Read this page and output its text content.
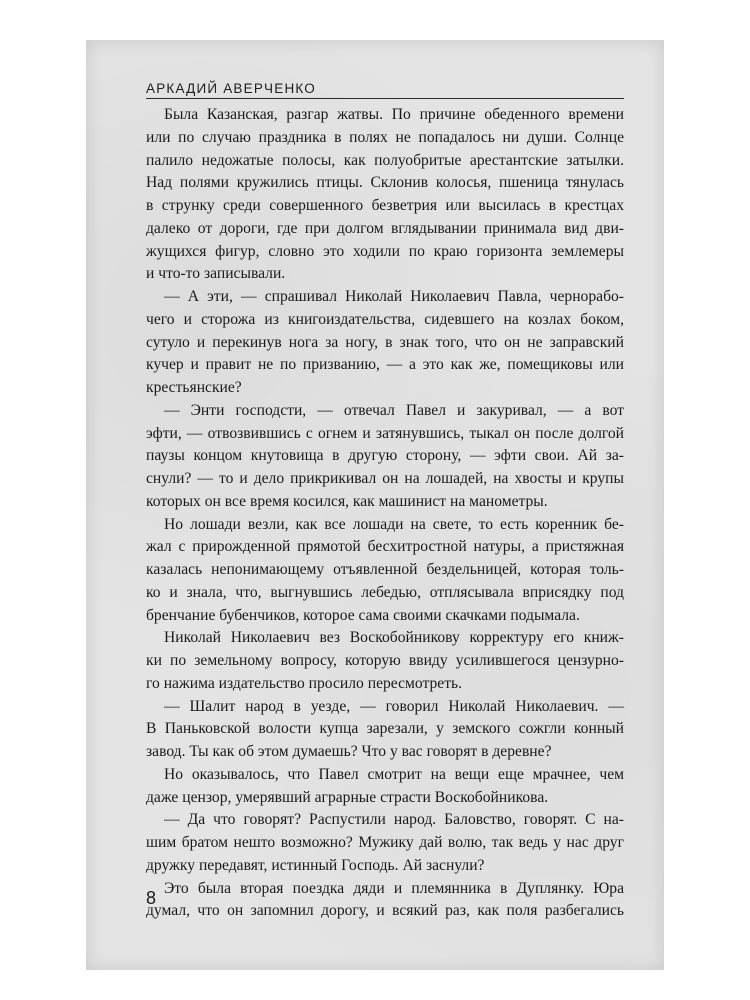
АРКАДИЙ АВЕРЧЕНКО
Была Казанская, разгар жатвы. По причине обеденного времени
или по случаю праздника в полях не попадалось ни души. Солнце
палило недожатые полосы, как полуобритые арестантские затылки.
Над полями кружились птицы. Склонив колосья, пшеница тянулась
в струнку среди совершенного безветрия или высилась в крестцах
далеко от дороги, где при долгом вглядывании принимала вид дви-
жущихся фигур, словно это ходили по краю горизонта землемеры
и что-то записывали.
— А эти, — спрашивал Николай Николаевич Павла, чернорабо-
чего и сторожа из книгоиздательства, сидевшего на козлах боком,
сутуло и перекинув нога за ногу, в знак того, что он не заправский
кучер и правит не по призванию, — а это как же, помещиковы или
крестьянские?
— Энти господсти, — отвечал Павел и закуривал, — а вот
эфти, — отвозвившись с огнем и затянувшись, тыкал он после долгой
паузы концом кнутовища в другую сторону, — эфти свои. Ай за-
снули? — то и дело прикрикивал он на лошадей, на хвосты и крупы
которых он все время косился, как машинист на манометры.
Но лошади везли, как все лошади на свете, то есть коренник бе-
жал с прирожденной прямотой бесхитростной натуры, а пристяжная
казалась непонимающему отъявленной бездельницей, которая толь-
ко и знала, что, выгнувшись лебедью, отплясывала вприсядку под
бренчание бубенчиков, которое сама своими скачками подымала.
Николай Николаевич вез Воскобойникову корректуру его книж-
ки по земельному вопросу, которую ввиду усилившегося цензурно-
го нажима издательство просило пересмотреть.
— Шалит народ в уезде, — говорил Николай Николаевич. —
В Паньковской волости купца зарезали, у земского сожгли конный
завод. Ты как об этом думаешь? Что у вас говорят в деревне?
Но оказывалось, что Павел смотрит на вещи еще мрачнее, чем
даже цензор, умерявший аграрные страсти Воскобойникова.
— Да что говорят? Распустили народ. Баловство, говорят. С на-
шим братом нешто возможно? Мужику дай волю, так ведь у нас друг
дружку передавят, истинный Господь. Ай заснули?
Это была вторая поездка дяди и племянника в Дуплянку. Юра
думал, что он запомнил дорогу, и всякий раз, как поля разбегались
8
